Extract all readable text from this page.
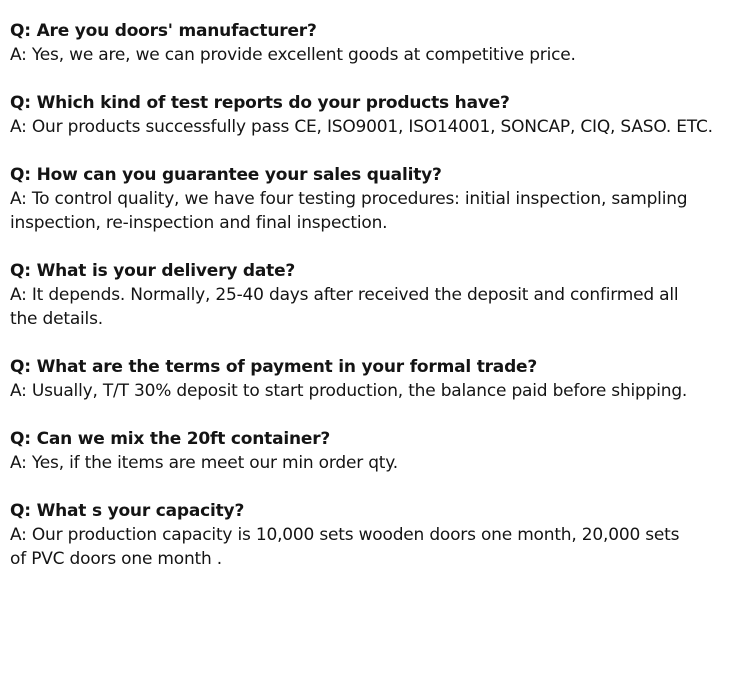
Q: Are you doors' manufacturer?

A: Yes, we are, we can provide excellent goods at competitive price.

Q: Which kind of test reports do your products have?

A: Our products successfully pass CE, ISO9001, ISO14001, SONCAP, CIQ, SASO. ETC.

Q: How can you guarantee your sales quality?

A: To control quality, we have four testing procedures: initial inspection, sampling
inspection, re-inspection and final inspection.

Q: What is your delivery date?

A: It depends. Normally, 25-40 days after received the deposit and confirmed all
the details.

Q: What are the terms of payment in your formal trade?

A: Usually, T/T 30% deposit to start production, the balance paid before shipping.

Q: Can we mix the 20ft container?

A: Yes, if the items are meet our min order qty.

Q: What s your capacity?

A: Our production capacity is 10,000 sets wooden doors one month, 20,000 sets
of PVC doors one month .
